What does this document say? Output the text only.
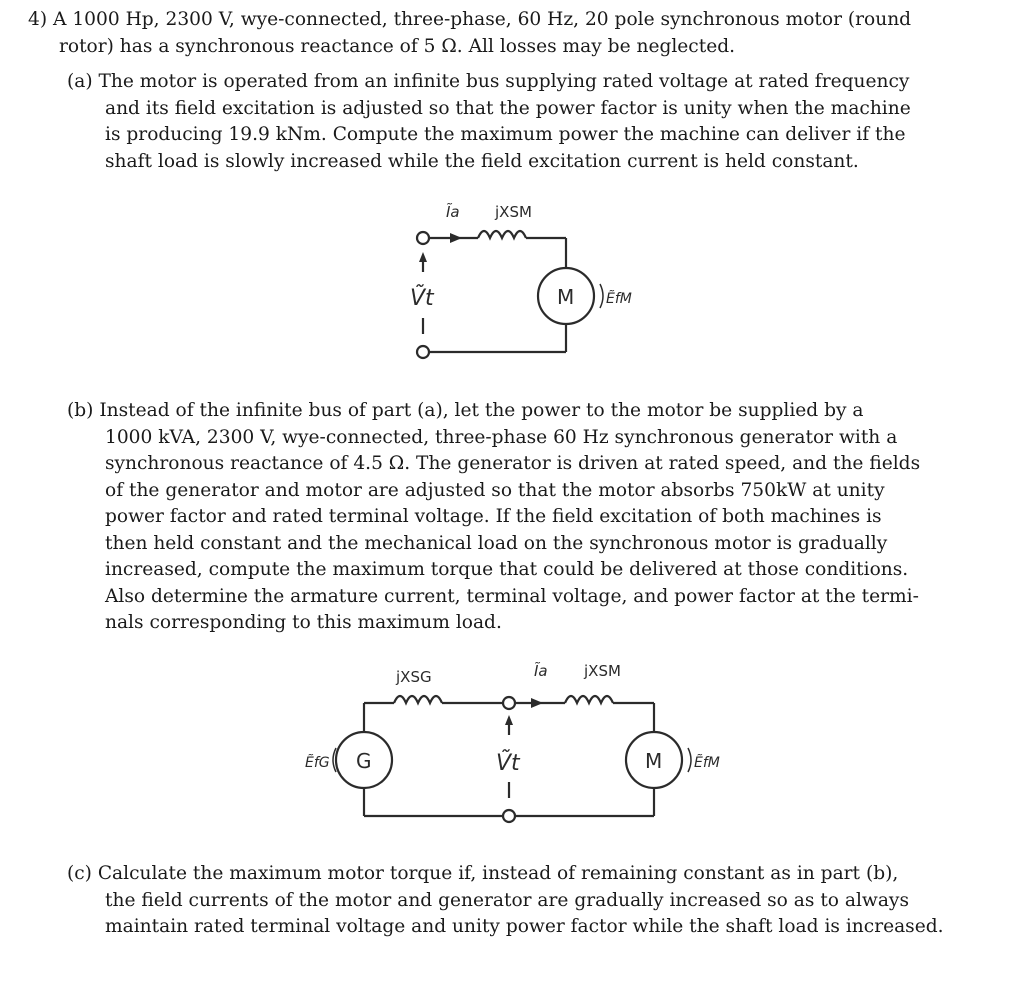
4) A 1000 Hp, 2300 V, wye-connected, three-phase, 60 Hz, 20 pole synchronous motor (round
rotor) has a synchronous reactance of 5 Ω. All losses may be neglected.
(a) The motor is operated from an infinite bus supplying rated voltage at rated frequency
and its field excitation is adjusted so that the power factor is unity when the machine
is producing 19.9 kNm. Compute the maximum power the machine can deliver if the
shaft load is slowly increased while the field excitation current is held constant.
Ĩa jXSM
Ṽt	M ẼfM
(b) Instead of the infinite bus of part (a), let the power to the motor be supplied by a
1000 kVA, 2300 V, wye-connected, three-phase 60 Hz synchronous generator with a
synchronous reactance of 4.5 Ω. The generator is driven at rated speed, and the fields
of the generator and motor are adjusted so that the motor absorbs 750kW at unity
power factor and rated terminal voltage. If the field excitation of both machines is
then held constant and the mechanical load on the synchronous motor is gradually
increased, compute the maximum torque that could be delivered at those conditions.
Also determine the armature current, terminal voltage, and power factor at the termi-
nals corresponding to this maximum load.
jXSG	Ĩa jXSM
ẼfG G	Ṽt	M ẼfM
(c) Calculate the maximum motor torque if, instead of remaining constant as in part (b),
the field currents of the motor and generator are gradually increased so as to always
maintain rated terminal voltage and unity power factor while the shaft load is increased.
